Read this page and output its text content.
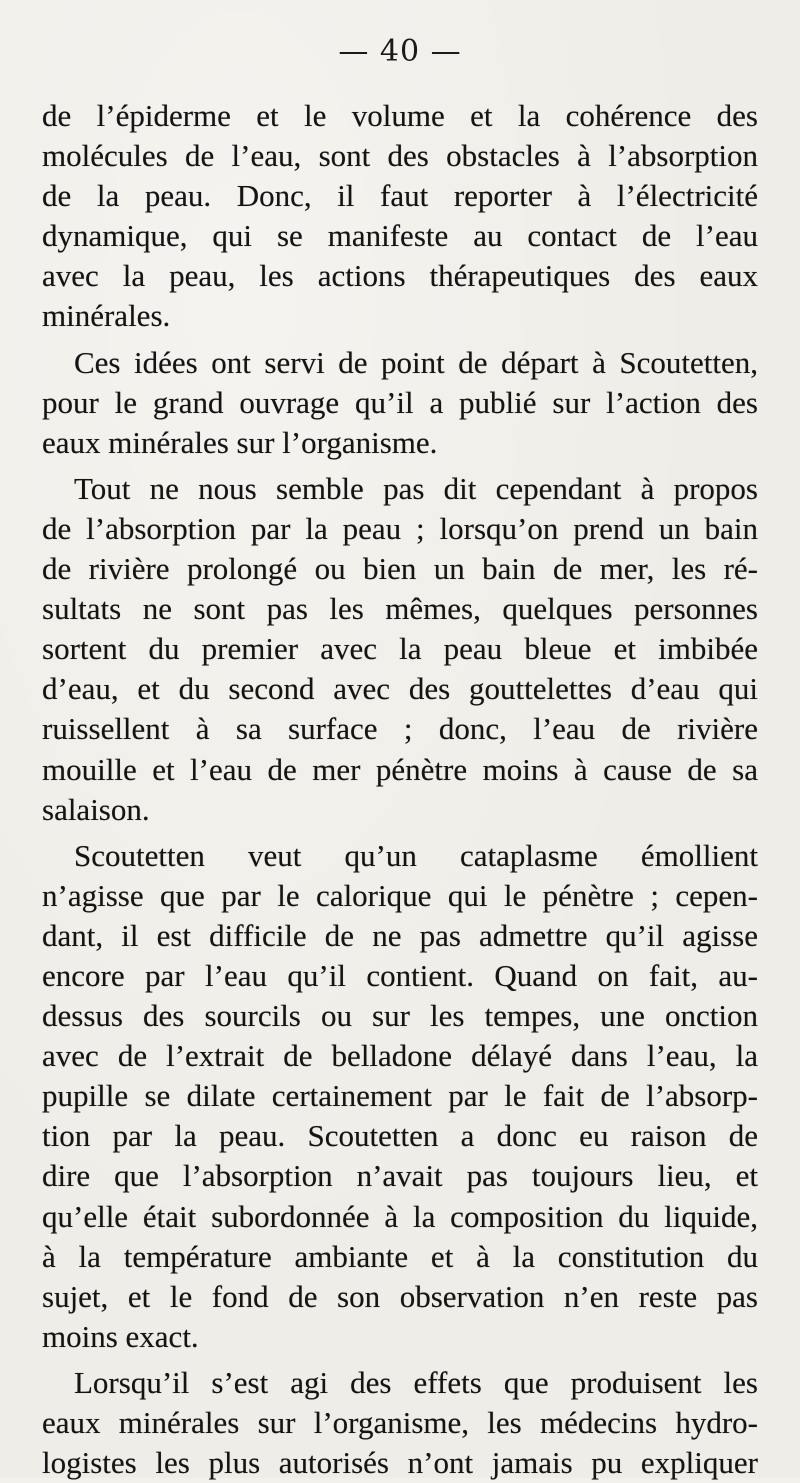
— 40 —
de l’épiderme et le volume et la cohérence des
molécules de l’eau, sont des obstacles à l’absorption
de la peau. Donc, il faut reporter à l’électricité
dynamique, qui se manifeste au contact de l’eau
avec la peau, les actions thérapeutiques des eaux
minérales.
Ces idées ont servi de point de départ à Scoutetten,
pour le grand ouvrage qu’il a publié sur l’action des
eaux minérales sur l’organisme.
Tout ne nous semble pas dit cependant à propos
de l’absorption par la peau ; lorsqu’on prend un bain
de rivière prolongé ou bien un bain de mer, les ré-
sultats ne sont pas les mêmes, quelques personnes
sortent du premier avec la peau bleue et imbibée
d’eau, et du second avec des gouttelettes d’eau qui
ruissellent à sa surface ; donc, l’eau de rivière
mouille et l’eau de mer pénètre moins à cause de sa
salaison.
Scoutetten veut qu’un cataplasme émollient
n’agisse que par le calorique qui le pénètre ; cepen-
dant, il est difficile de ne pas admettre qu’il agisse
encore par l’eau qu’il contient. Quand on fait, au-
dessus des sourcils ou sur les tempes, une onction
avec de l’extrait de belladone délayé dans l’eau, la
pupille se dilate certainement par le fait de l’absorp-
tion par la peau. Scoutetten a donc eu raison de
dire que l’absorption n’avait pas toujours lieu, et
qu’elle était subordonnée à la composition du liquide,
à la température ambiante et à la constitution du
sujet, et le fond de son observation n’en reste pas
moins exact.
Lorsqu’il s’est agi des effets que produisent les
eaux minérales sur l’organisme, les médecins hydro-
logistes les plus autorisés n’ont jamais pu expliquer
